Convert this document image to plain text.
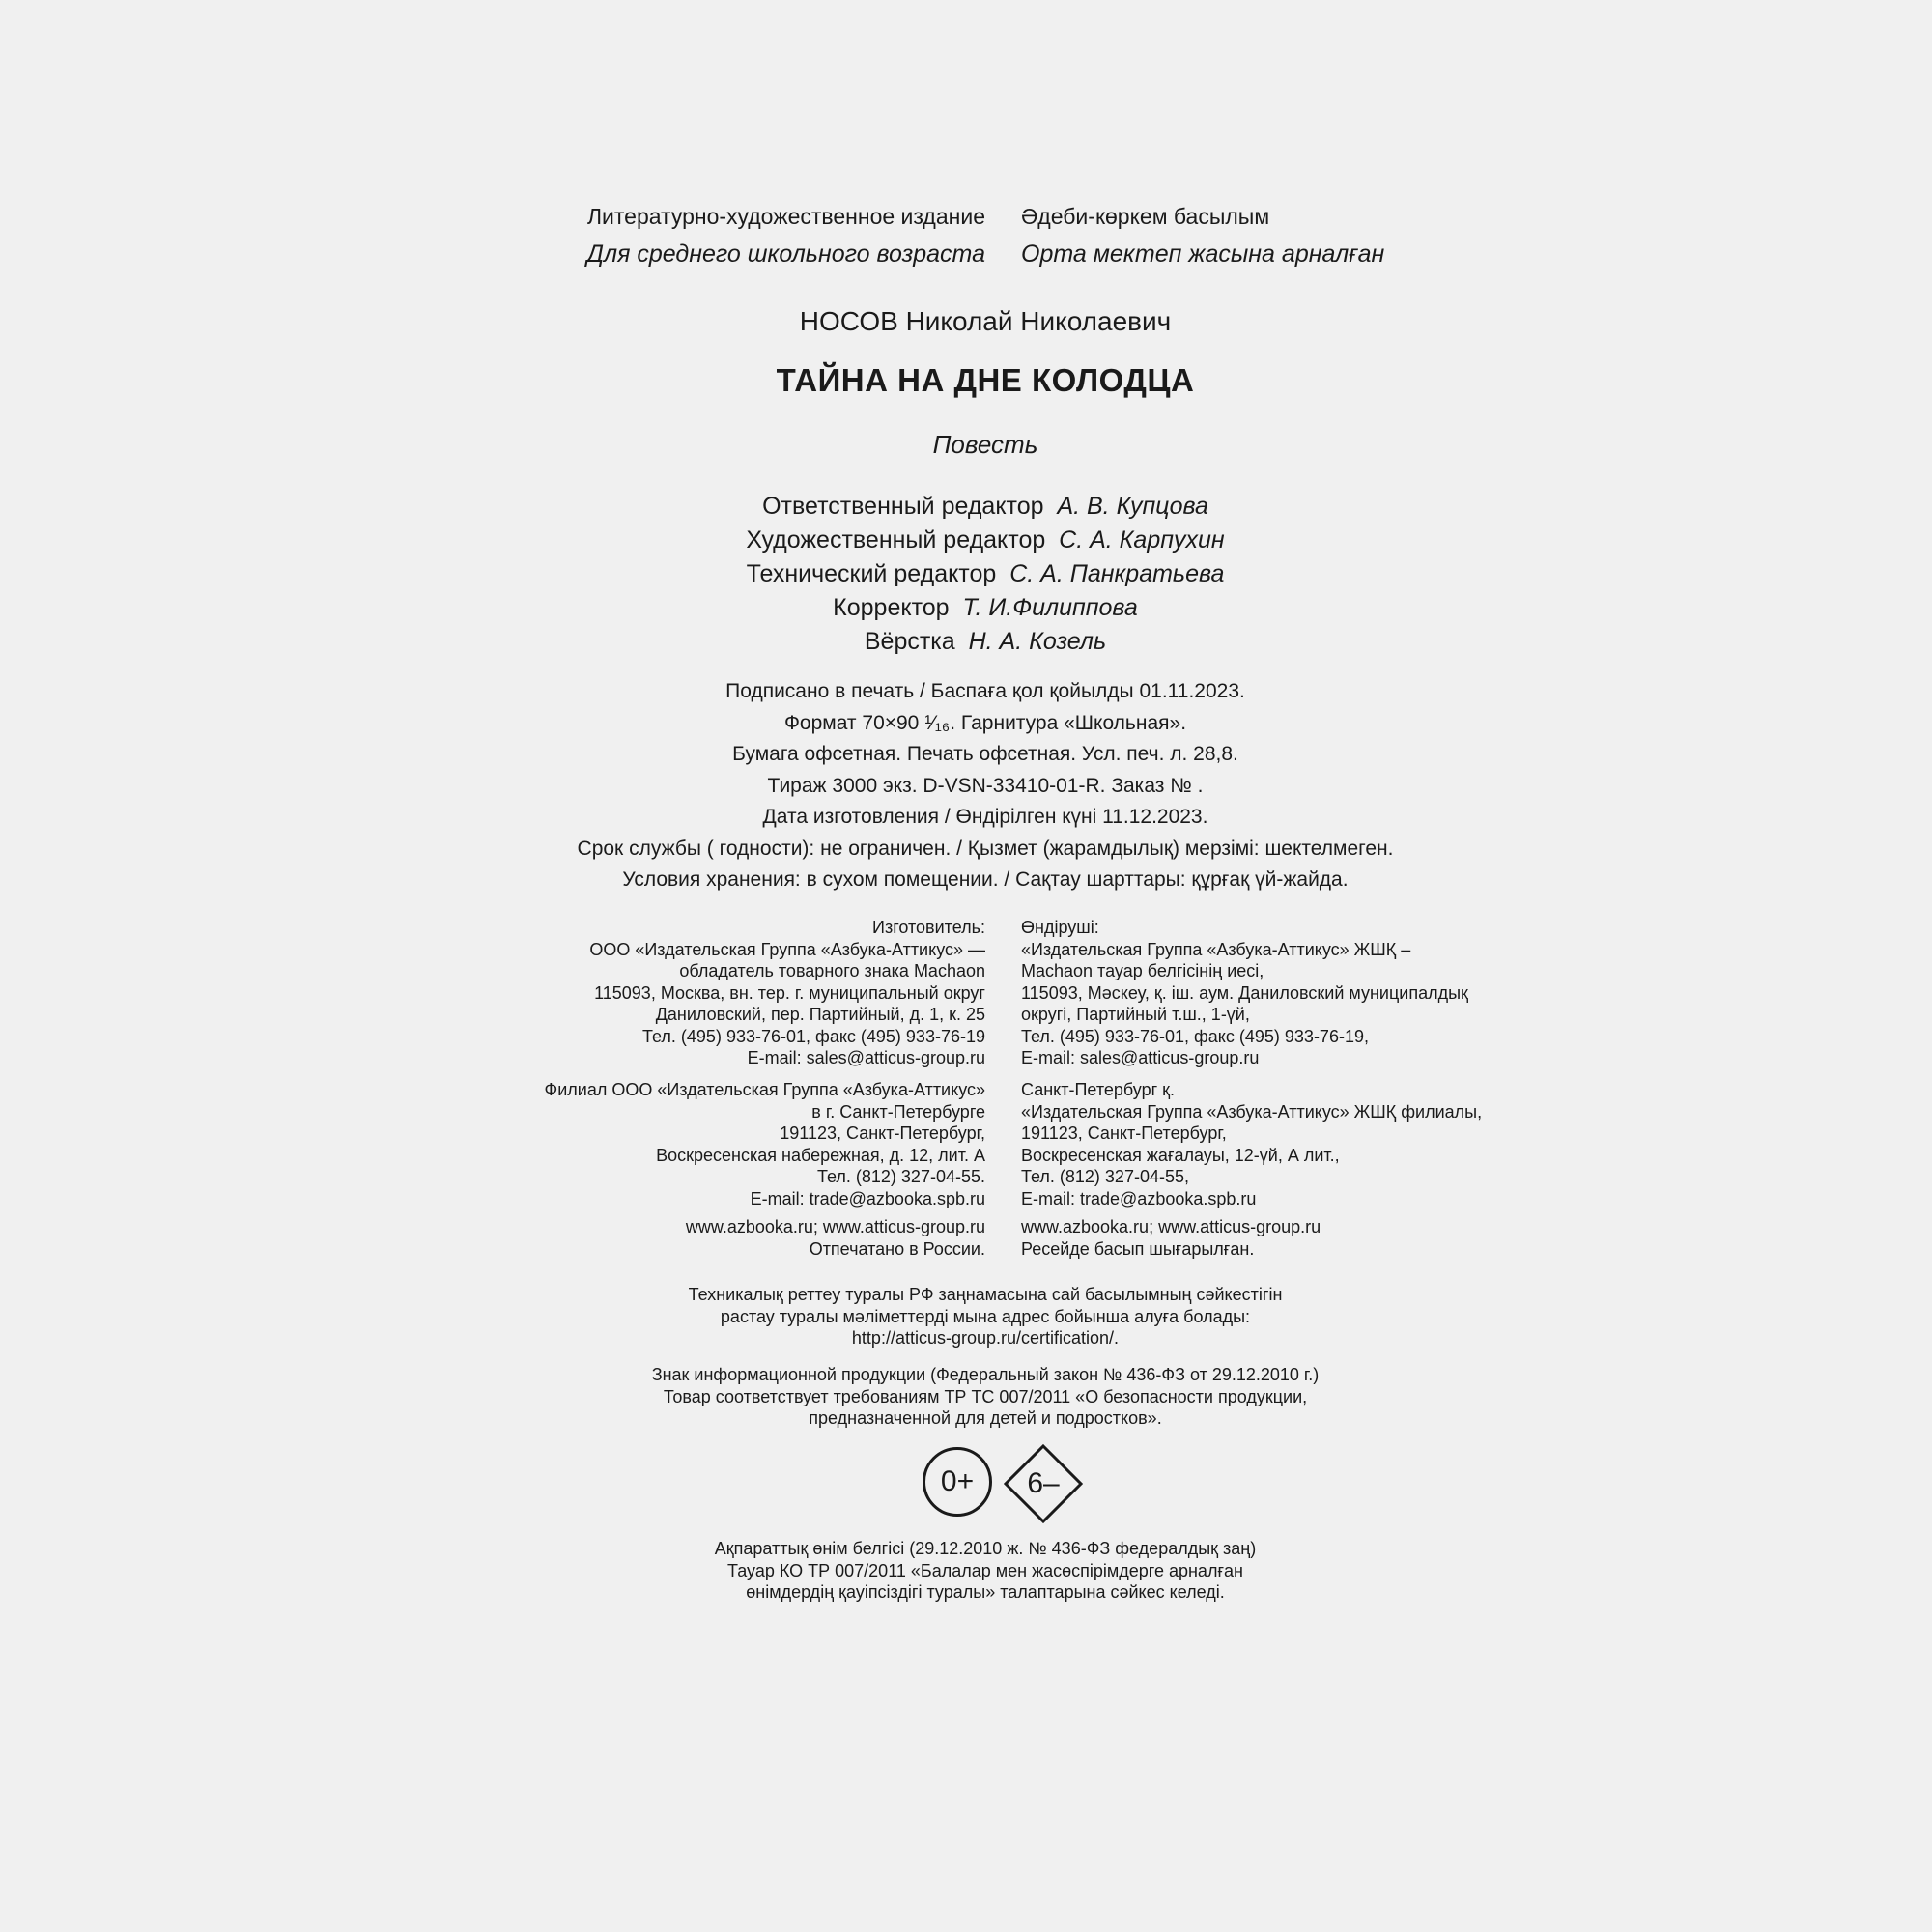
Литературно-художественное издание Әдеби-көркем басылым
Для среднего школьного возраста Орта мектеп жасына арналған
НОСОВ Николай Николаевич
ТАЙНА НА ДНЕ КОЛОДЦА
Повесть
Ответственный редактор А. В. Купцова
Художественный редактор С. А. Карпухин
Технический редактор С. А. Панкратьева
Корректор Т. И.Филиппова
Вёрстка Н. А. Козель
Подписано в печать / Баспаға қол қойылды 01.11.2023.
Формат 70×90 ¹⁄₁₆. Гарнитура «Школьная».
Бумага офсетная. Печать офсетная. Усл. печ. л. 28,8.
Тираж 3000 экз. D-VSN-33410-01-R. Заказ № .
Дата изготовления / Өндірілген күні 11.12.2023.
Срок службы ( годности): не ограничен. / Қызмет (жарамдылық) мерзімі: шектелмеген.
Условия хранения: в сухом помещении. / Сақтау шарттары: құрғақ үй-жайда.
Изготовитель:
ООО «Издательская Группа «Азбука-Аттикус» —
обладатель товарного знака Machaon
115093, Москва, вн. тер. г. муниципальный округ
Даниловский, пер. Партийный, д. 1, к. 25
Тел. (495) 933-76-01, факс (495) 933-76-19
E-mail: sales@atticus-group.ru
Өндіруші:
«Издательская Группа «Азбука-Аттикус» ЖШҚ –
Machaon тауар белгісінің иесі,
115093, Мәскеу, қ. іш. аум. Даниловский муниципалдық
округі, Партийный т.ш., 1-үй,
Тел. (495) 933-76-01, факс (495) 933-76-19,
E-mail: sales@atticus-group.ru
Филиал ООО «Издательская Группа «Азбука-Аттикус»
в г. Санкт-Петербурге
191123, Санкт-Петербург,
Воскресенская набережная, д. 12, лит. А
Тел. (812) 327-04-55.
E-mail: trade@azbooka.spb.ru
Санкт-Петербург қ.
«Издательская Группа «Азбука-Аттикус» ЖШҚ филиалы,
191123, Санкт-Петербург,
Воскресенская жағалауы, 12-үй, А лит.,
Тел. (812) 327-04-55,
E-mail: trade@azbooka.spb.ru
www.azbooka.ru; www.atticus-group.ru
Отпечатано в России.
www.azbooka.ru; www.atticus-group.ru
Ресейде басып шығарылған.
Техникалық реттеу туралы РФ заңнамасына сай басылымның сәйкестігін
растау туралы мәліметтерді мына адрес бойынша алуға болады:
http://atticus-group.ru/certification/.
Знак информационной продукции (Федеральный закон № 436-ФЗ от 29.12.2010 г.)
Товар соответствует требованиям ТР ТС 007/2011 «О безопасности продукции,
предназначенной для детей и подростков».
0+	6–
Ақпараттық өнім белгісі (29.12.2010 ж. № 436-ФЗ федералдық заң)
Тауар КО ТР 007/2011 «Балалар мен жасөспірімдерге арналған
өнімдердің қауіпсіздігі туралы» талаптарына сәйкес келеді.
